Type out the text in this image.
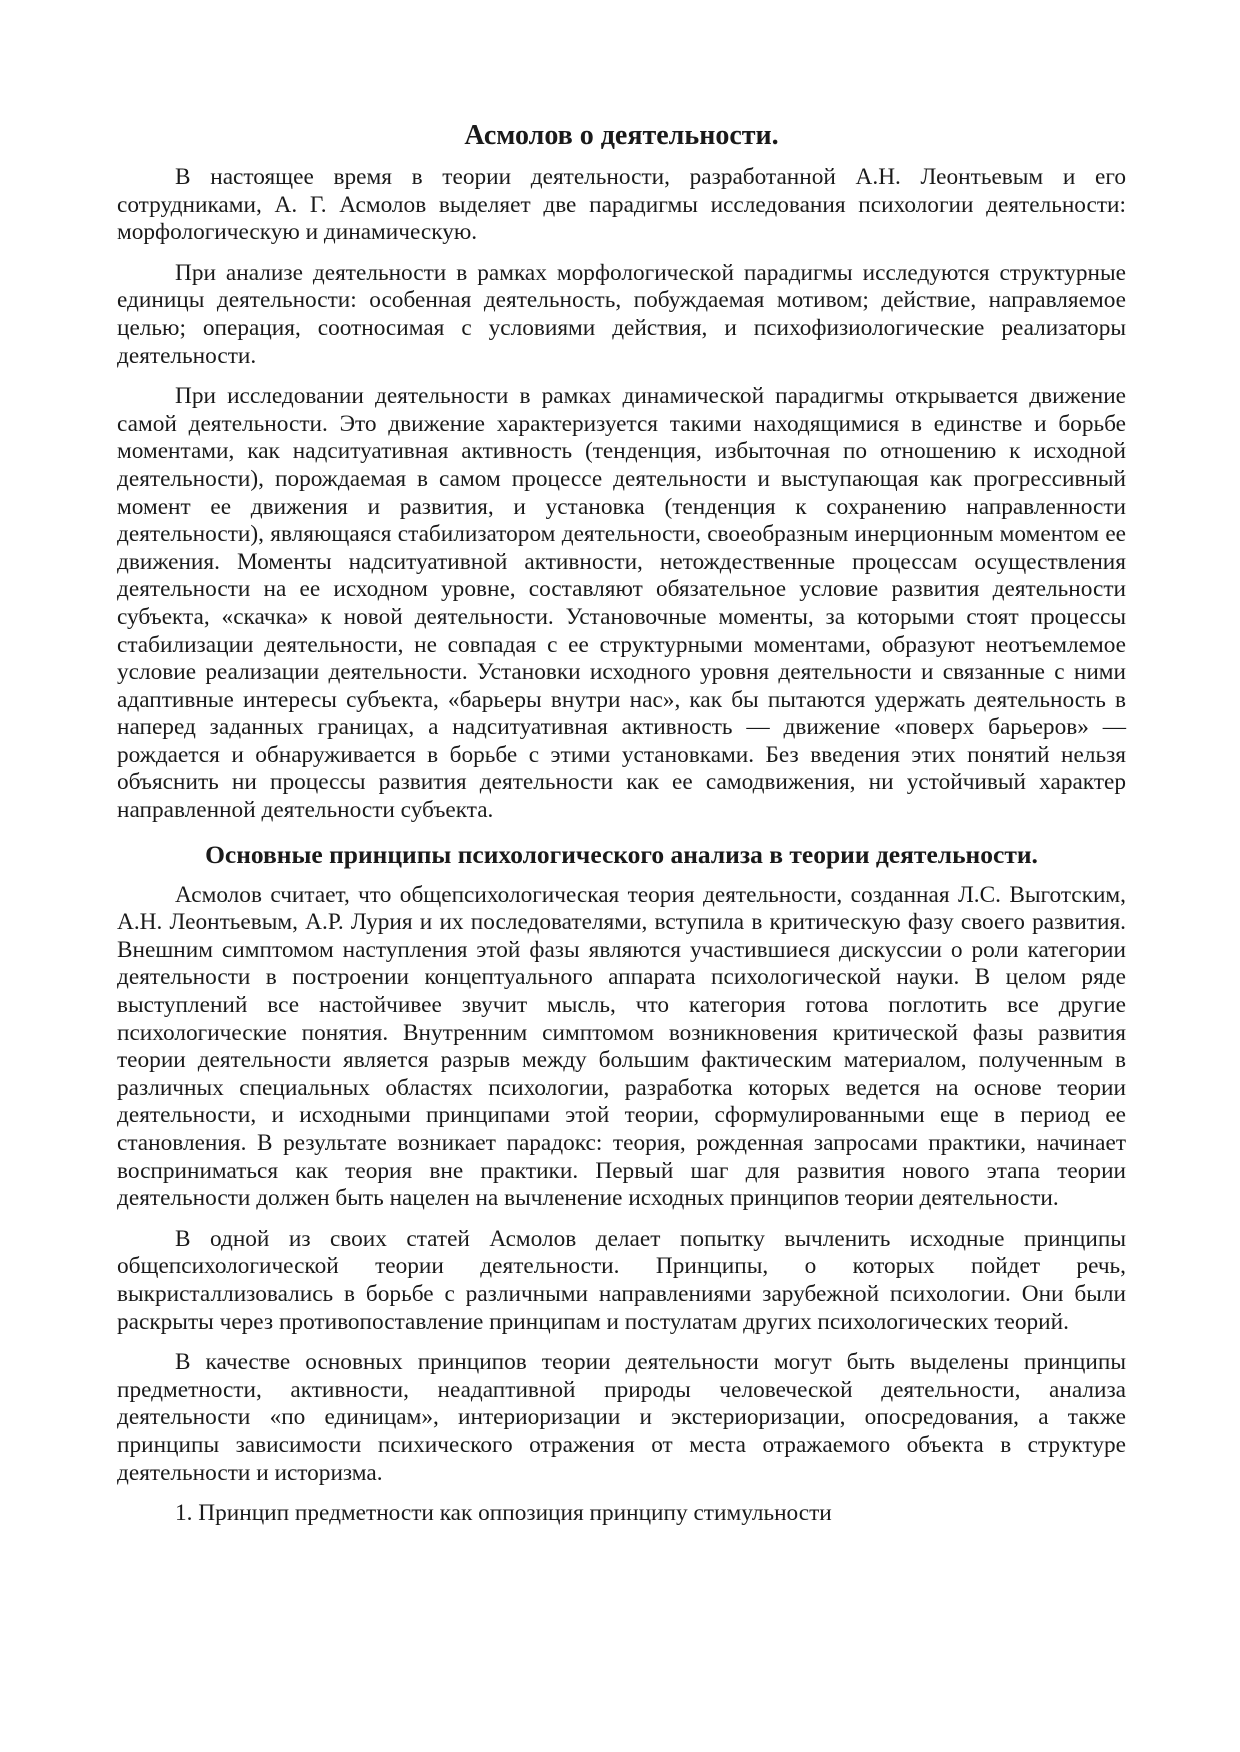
Асмолов о деятельности.

В настоящее время в теории деятельности, разработанной А.Н. Леонтьевым и его сотрудниками, А. Г. Асмолов выделяет две парадигмы исследования психологии деятельности: морфологическую и динамическую.

При анализе деятельности в рамках морфологической парадигмы исследуются структурные единицы деятельности: особенная деятельность, побуждаемая мотивом; действие, направляемое целью; операция, соотносимая с условиями действия, и психофизиологические реализаторы деятельности.

При исследовании деятельности в рамках динамической парадигмы открывается движение самой деятельности. Это движение характеризуется такими находящимися в единстве и борьбе моментами, как надситуативная активность (тенденция, избыточная по отношению к исходной деятельности), порождаемая в самом процессе деятельности и выступающая как прогрессивный момент ее движения и развития, и установка (тенденция к сохранению направленности деятельности), являющаяся стабилизатором деятельности, своеобразным инерционным моментом ее движения. Моменты надситуативной активности, нетождественные процессам осуществления деятельности на ее исходном уровне, составляют обязательное условие развития деятельности субъекта, «скачка» к новой деятельности. Установочные моменты, за которыми стоят процессы стабилизации деятельности, не совпадая с ее структурными моментами, образуют неотъемлемое условие реализации деятельности. Установки исходного уровня деятельности и связанные с ними адаптивные интересы субъекта, «барьеры внутри нас», как бы пытаются удержать деятельность в наперед заданных границах, а надситуативная активность — движение «поверх барьеров» — рождается и обнаруживается в борьбе с этими установками. Без введения этих понятий нельзя объяснить ни процессы развития деятельности как ее самодвижения, ни устойчивый характер направленной деятельности субъекта.

Основные принципы психологического анализа в теории деятельности.

Асмолов считает, что общепсихологическая теория деятельности, созданная Л.С. Выготским, А.Н. Леонтьевым, А.Р. Лурия и их последователями, вступила в критическую фазу своего развития. Внешним симптомом наступления этой фазы являются участившиеся дискуссии о роли категории деятельности в построении концептуального аппарата психологической науки. В целом ряде выступлений все настойчивее звучит мысль, что категория готова поглотить все другие психологические понятия. Внутренним симптомом возникновения критической фазы развития теории деятельности является разрыв между большим фактическим материалом, полученным в различных специальных областях психологии, разработка которых ведется на основе теории деятельности, и исходными принципами этой теории, сформулированными еще в период ее становления. В результате возникает парадокс: теория, рожденная запросами практики, начинает восприниматься как теория вне практики. Первый шаг для развития нового этапа теории деятельности должен быть нацелен на вычленение исходных принципов теории деятельности.

В одной из своих статей Асмолов делает попытку вычленить исходные принципы общепсихологической теории деятельности. Принципы, о которых пойдет речь, выкристаллизовались в борьбе с различными направлениями зарубежной психологии. Они были раскрыты через противопоставление принципам и постулатам других психологических теорий.

В качестве основных принципов теории деятельности могут быть выделены принципы предметности, активности, неадаптивной природы человеческой деятельности, анализа деятельности «по единицам», интериоризации и экстериоризации, опосредования, а также принципы зависимости психического отражения от места отражаемого объекта в структуре деятельности и историзма.

1. Принцип предметности как оппозиция принципу стимульности
